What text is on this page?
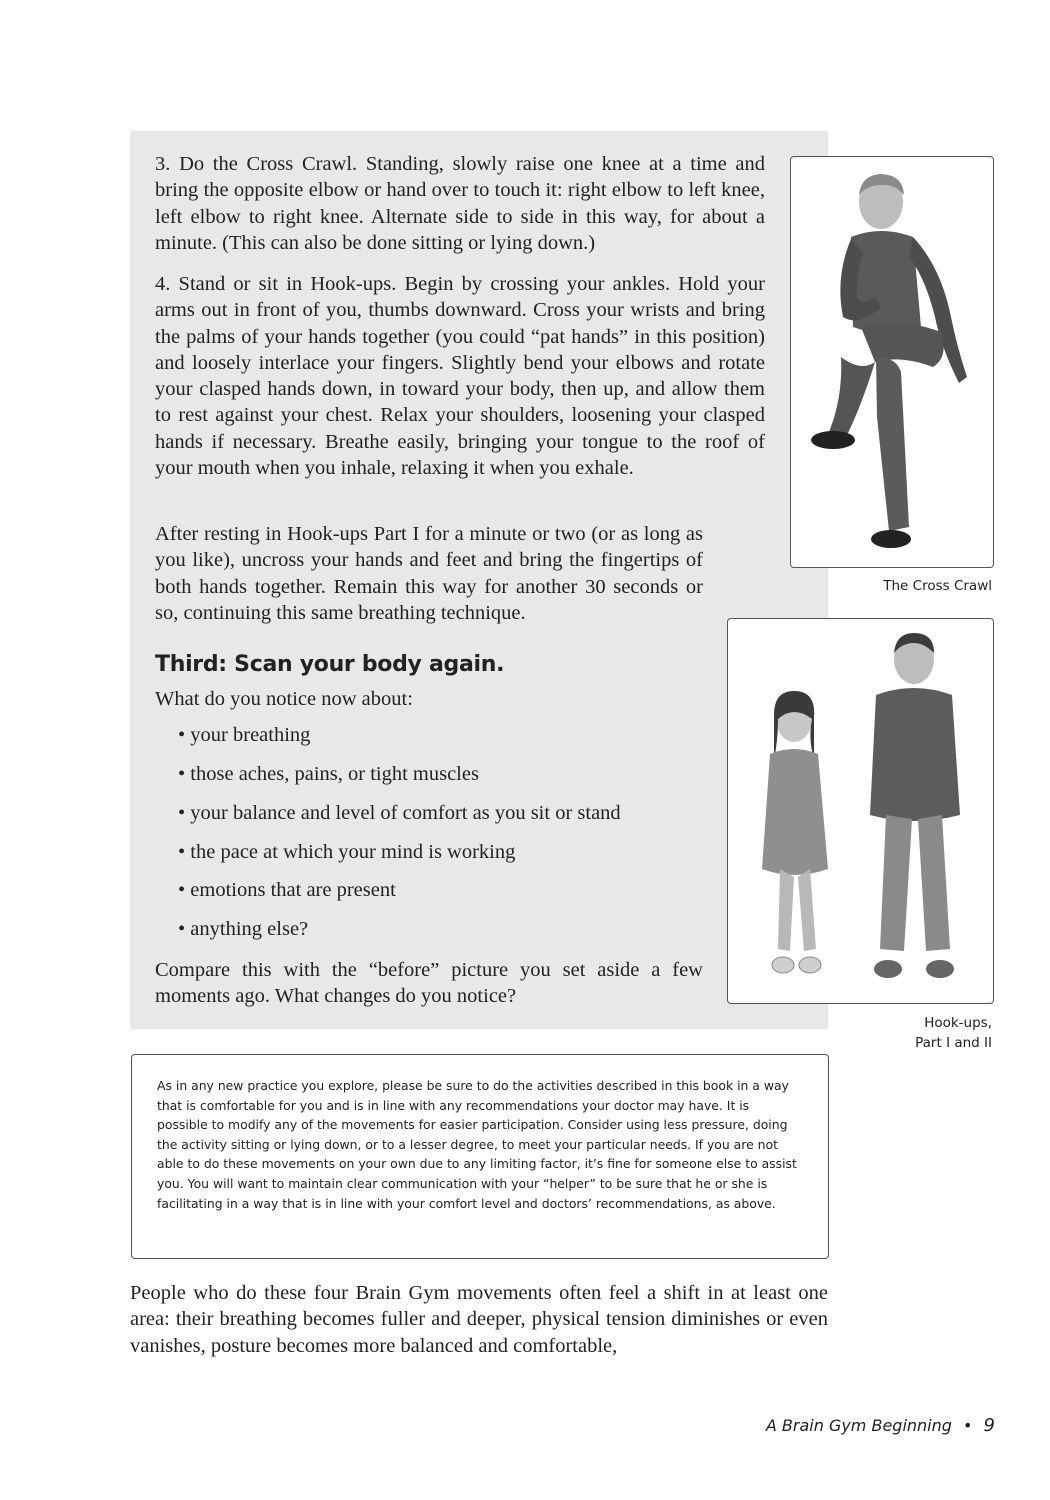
3. Do the Cross Crawl. Standing, slowly raise one knee at a time and bring the opposite elbow or hand over to touch it: right elbow to left knee, left elbow to right knee. Alternate side to side in this way, for about a minute. (This can also be done sitting or lying down.)
4. Stand or sit in Hook-ups. Begin by crossing your ankles. Hold your arms out in front of you, thumbs downward. Cross your wrists and bring the palms of your hands together (you could “pat hands” in this position) and loosely interlace your fingers. Slightly bend your elbows and rotate your clasped hands down, in toward your body, then up, and allow them to rest against your chest. Relax your shoulders, loosening your clasped hands if necessary. Breathe easily, bringing your tongue to the roof of your mouth when you inhale, relaxing it when you exhale.
After resting in Hook-ups Part I for a minute or two (or as long as you like), uncross your hands and feet and bring the fingertips of both hands together. Remain this way for another 30 seconds or so, continuing this same breathing technique.
Third: Scan your body again.
What do you notice now about:
• your breathing
• those aches, pains, or tight muscles
• your balance and level of comfort as you sit or stand
• the pace at which your mind is working
• emotions that are present
• anything else?
Compare this with the “before” picture you set aside a few moments ago. What changes do you notice?
The Cross Crawl
Hook-ups,
Part I and II
As in any new practice you explore, please be sure to do the activities described in this book in a way that is comfortable for you and is in line with any recommendations your doctor may have. It is possible to modify any of the movements for easier participation. Consider using less pressure, doing the activity sitting or lying down, or to a lesser degree, to meet your particular needs. If you are not able to do these movements on your own due to any limiting factor, it’s fine for someone else to assist you. You will want to maintain clear communication with your “helper” to be sure that he or she is facilitating in a way that is in line with your comfort level and doctors’ recommendations, as above.
People who do these four Brain Gym movements often feel a shift in at least one area: their breathing becomes fuller and deeper, physical tension diminishes or even vanishes, posture becomes more balanced and comfortable,
A Brain Gym Beginning • 9
